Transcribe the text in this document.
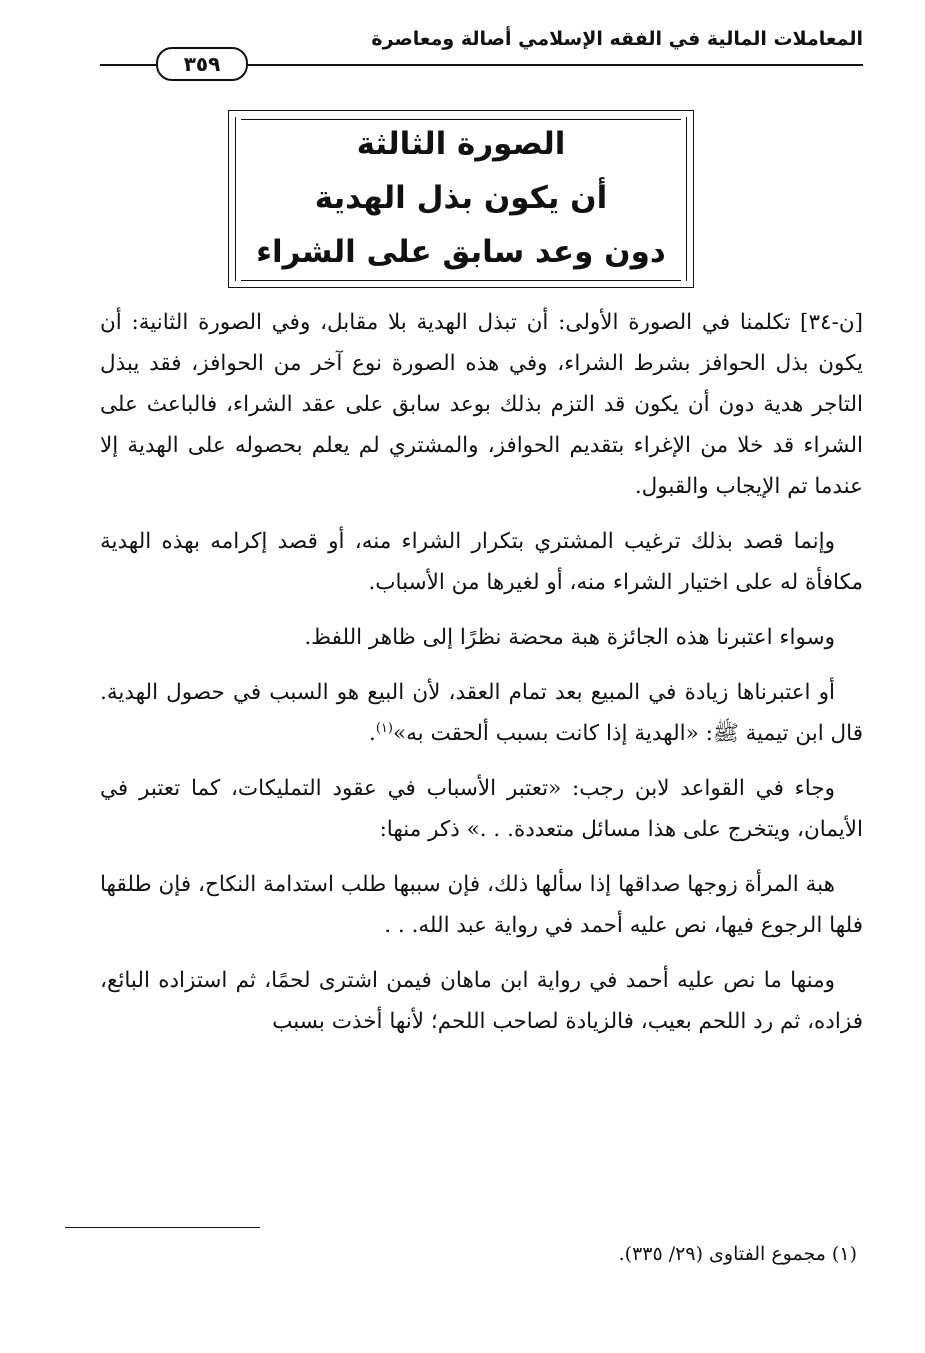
المعاملات المالية في الفقه الإسلامي أصالة ومعاصرة
٣٥٩
الصورة الثالثة
أن يكون بذل الهدية
دون وعد سابق على الشراء

[ن-٣٤] تكلمنا في الصورة الأولى: أن تبذل الهدية بلا مقابل، وفي الصورة الثانية: أن يكون بذل الحوافز بشرط الشراء، وفي هذه الصورة نوع آخر من الحوافز، فقد يبذل التاجر هدية دون أن يكون قد التزم بذلك بوعد سابق على عقد الشراء، فالباعث على الشراء قد خلا من الإغراء بتقديم الحوافز، والمشتري لم يعلم بحصوله على الهدية إلا عندما تم الإيجاب والقبول.

وإنما قصد بذلك ترغيب المشتري بتكرار الشراء منه، أو قصد إكرامه بهذه الهدية مكافأة له على اختيار الشراء منه، أو لغيرها من الأسباب.

وسواء اعتبرنا هذه الجائزة هبة محضة نظرًا إلى ظاهر اللفظ.

أو اعتبرناها زيادة في المبيع بعد تمام العقد، لأن البيع هو السبب في حصول الهدية. قال ابن تيمية ﷺ: «الهدية إذا كانت بسبب ألحقت به»$^{(١)}$.

وجاء في القواعد لابن رجب: «تعتبر الأسباب في عقود التمليكات، كما تعتبر في الأيمان، ويتخرج على هذا مسائل متعددة. . .» ذكر منها:

هبة المرأة زوجها صداقها إذا سألها ذلك، فإن سببها طلب استدامة النكاح، فإن طلقها فلها الرجوع فيها، نص عليه أحمد في رواية عبد الله. . .

ومنها ما نص عليه أحمد في رواية ابن ماهان فيمن اشترى لحمًا، ثم استزاده البائع، فزاده، ثم رد اللحم بعيب، فالزيادة لصاحب اللحم؛ لأنها أخذت بسبب

(١) مجموع الفتاوى (٢٩/ ٣٣٥).
